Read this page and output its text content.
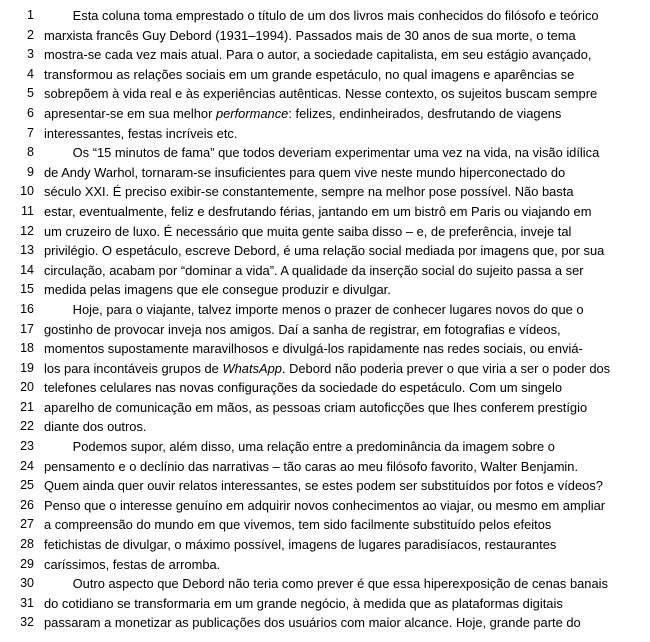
1 Esta coluna toma emprestado o título de um dos livros mais conhecidos do filósofo e teórico
2 marxista francês Guy Debord (1931–1994). Passados mais de 30 anos de sua morte, o tema
3 mostra-se cada vez mais atual. Para o autor, a sociedade capitalista, em seu estágio avançado,
4 transformou as relações sociais em um grande espetáculo, no qual imagens e aparências se
5 sobrepõem à vida real e às experiências autênticas. Nesse contexto, os sujeitos buscam sempre
6 apresentar-se em sua melhor performance: felizes, endinheirados, desfrutando de viagens
7 interessantes, festas incríveis etc.
8 Os “15 minutos de fama” que todos deveriam experimentar uma vez na vida, na visão idílica
9 de Andy Warhol, tornaram-se insuficientes para quem vive neste mundo hiperconectado do
10 século XXI. É preciso exibir-se constantemente, sempre na melhor pose possível. Não basta
11 estar, eventualmente, feliz e desfrutando férias, jantando em um bistrô em Paris ou viajando em
12 um cruzeiro de luxo. É necessário que muita gente saiba disso – e, de preferência, inveje tal
13 privilégio. O espetáculo, escreve Debord, é uma relação social mediada por imagens que, por sua
14 circulação, acabam por “dominar a vida”. A qualidade da inserção social do sujeito passa a ser
15 medida pelas imagens que ele consegue produzir e divulgar.
16 Hoje, para o viajante, talvez importe menos o prazer de conhecer lugares novos do que o
17 gostinho de provocar inveja nos amigos. Daí a sanha de registrar, em fotografias e vídeos,
18 momentos supostamente maravilhosos e divulgá-los rapidamente nas redes sociais, ou enviá-
19 los para incontáveis grupos de WhatsApp. Debord não poderia prever o que viria a ser o poder dos
20 telefones celulares nas novas configurações da sociedade do espetáculo. Com um singelo
21 aparelho de comunicação em mãos, as pessoas criam autoficções que lhes conferem prestígio
22 diante dos outros.
23 Podemos supor, além disso, uma relação entre a predominância da imagem sobre o
24 pensamento e o declínio das narrativas – tão caras ao meu filósofo favorito, Walter Benjamin.
25 Quem ainda quer ouvir relatos interessantes, se estes podem ser substituídos por fotos e vídeos?
26 Penso que o interesse genuíno em adquirir novos conhecimentos ao viajar, ou mesmo em ampliar
27 a compreensão do mundo em que vivemos, tem sido facilmente substituído pelos efeitos
28 fetichistas de divulgar, o máximo possível, imagens de lugares paradisíacos, restaurantes
29 caríssimos, festas de arromba.
30 Outro aspecto que Debord não teria como prever é que essa hiperexposição de cenas banais
31 do cotidiano se transformaria em um grande negócio, à medida que as plataformas digitais
32 passaram a monetizar as publicações dos usuários com maior alcance. Hoje, grande parte do
